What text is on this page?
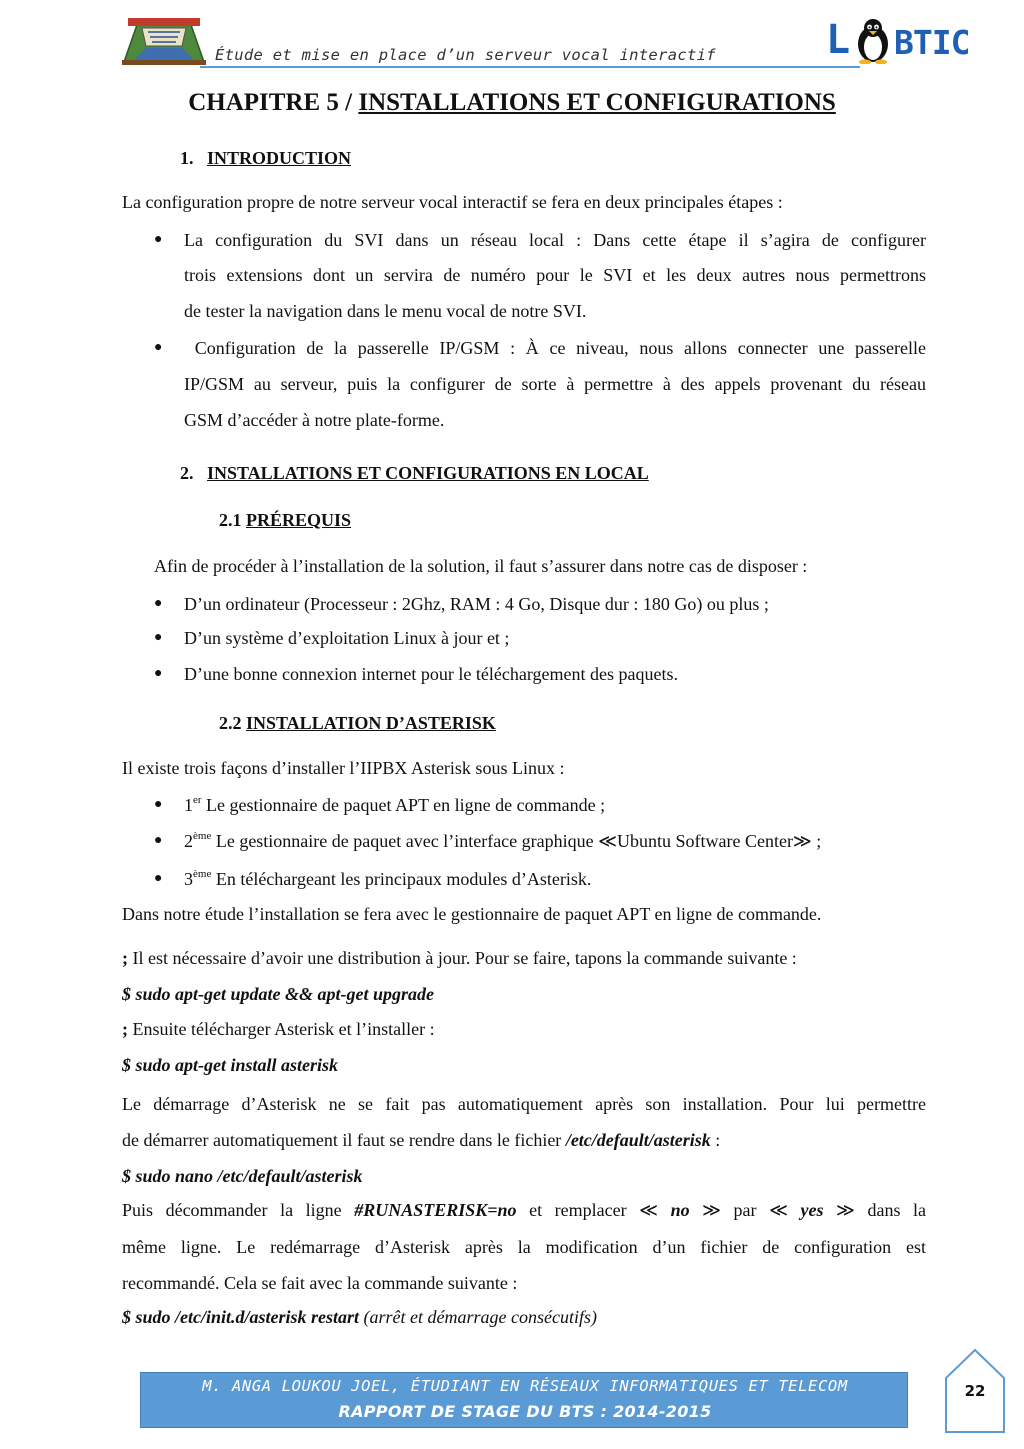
Étude et mise en place d’un serveur vocal interactif	L BTIC
CHAPITRE 5 / INSTALLATIONS ET CONFIGURATIONS
1. INTRODUCTION
La configuration propre de notre serveur vocal interactif se fera en deux principales étapes :
● La configuration du SVI dans un réseau local : Dans cette étape il s’agira de configurer
trois extensions dont un servira de numéro pour le SVI et les deux autres nous permettrons
de tester la navigation dans le menu vocal de notre SVI.
● Configuration de la passerelle IP/GSM : À ce niveau, nous allons connecter une passerelle
IP/GSM au serveur, puis la configurer de sorte à permettre à des appels provenant du réseau
GSM d’accéder à notre plate-forme.
2. INSTALLATIONS ET CONFIGURATIONS EN LOCAL
2.1 PRÉREQUIS
Afin de procéder à l’installation de la solution, il faut s’assurer dans notre cas de disposer :
● D’un ordinateur (Processeur : 2Ghz, RAM : 4 Go, Disque dur : 180 Go) ou plus ;
● D’un système d’exploitation Linux à jour et ;
● D’une bonne connexion internet pour le téléchargement des paquets.
2.2 INSTALLATION D’ASTERISK
Il existe trois façons d’installer l’IIPBX Asterisk sous Linux :
● 1er Le gestionnaire de paquet APT en ligne de commande ;
● 2ème Le gestionnaire de paquet avec l’interface graphique ≪Ubuntu Software Center≫ ;
● 3ème En téléchargeant les principaux modules d’Asterisk.
Dans notre étude l’installation se fera avec le gestionnaire de paquet APT en ligne de commande.
; Il est nécessaire d’avoir une distribution à jour. Pour se faire, tapons la commande suivante :
$ sudo apt-get update && apt-get upgrade
; Ensuite télécharger Asterisk et l’installer :
$ sudo apt-get install asterisk
Le démarrage d’Asterisk ne se fait pas automatiquement après son installation. Pour lui permettre
de démarrer automatiquement il faut se rendre dans le fichier /etc/default/asterisk :
$ sudo nano /etc/default/asterisk
Puis décommander la ligne #RUNASTERISK=no et remplacer ≪ no ≫ par ≪ yes ≫ dans la
même ligne. Le redémarrage d’Asterisk après la modification d’un fichier de configuration est
recommandé. Cela se fait avec la commande suivante :
$ sudo /etc/init.d/asterisk restart (arrêt et démarrage consécutifs)
M. ANGA LOUKOU JOEL, ÉTUDIANT EN RÉSEAUX INFORMATIQUES ET TELECOM
RAPPORT DE STAGE DU BTS : 2014-2015
22
